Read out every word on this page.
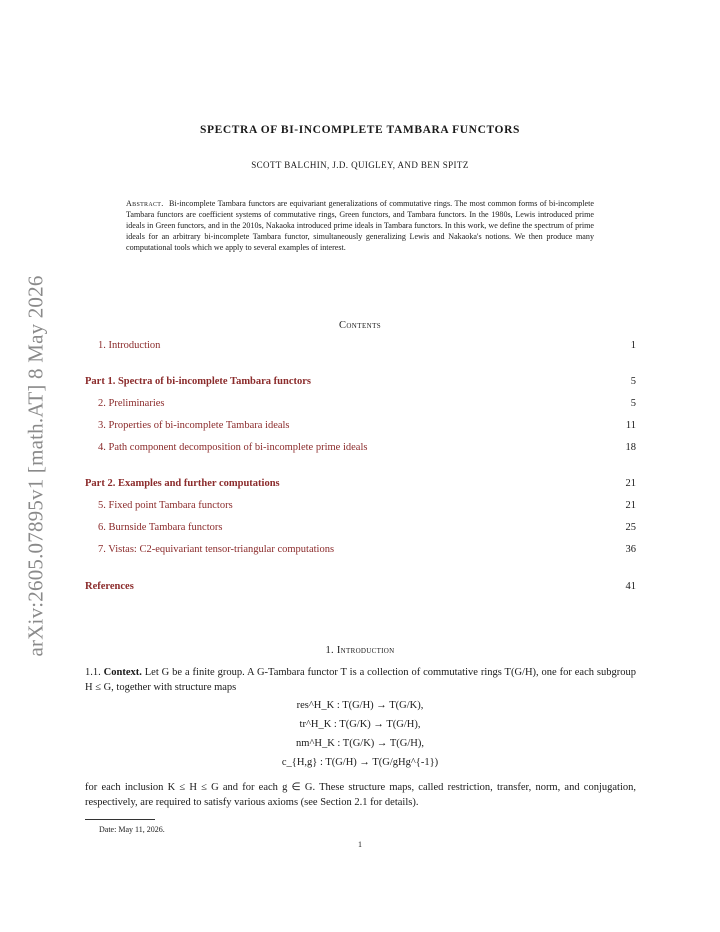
arXiv:2605.07895v1 [math.AT] 8 May 2026
SPECTRA OF BI-INCOMPLETE TAMBARA FUNCTORS
SCOTT BALCHIN, J.D. QUIGLEY, AND BEN SPITZ
Abstract. Bi-incomplete Tambara functors are equivariant generalizations of commutative rings. The most common forms of bi-incomplete Tambara functors are coefficient systems of commutative rings, Green functors, and Tambara functors. In the 1980s, Lewis introduced prime ideals in Green functors, and in the 2010s, Nakaoka introduced prime ideals in Tambara functors. In this work, we define the spectrum of prime ideals for an arbitrary bi-incomplete Tambara functor, simultaneously generalizing Lewis and Nakaoka's notions. We then produce many computational tools which we apply to several examples of interest.
Contents
1. Introduction	1
Part 1. Spectra of bi-incomplete Tambara functors	5
2. Preliminaries	5
3. Properties of bi-incomplete Tambara ideals	11
4. Path component decomposition of bi-incomplete prime ideals	18
Part 2. Examples and further computations	21
5. Fixed point Tambara functors	21
6. Burnside Tambara functors	25
7. Vistas: C2-equivariant tensor-triangular computations	36
References	41
1. Introduction
1.1. Context. Let G be a finite group. A G-Tambara functor T is a collection of commutative rings T(G/H), one for each subgroup H ≤ G, together with structure maps
res^H_K : T(G/H) → T(G/K),
tr^H_K : T(G/K) → T(G/H),
nm^H_K : T(G/K) → T(G/H),
c_{H,g} : T(G/H) → T(G/gHg^{-1})
for each inclusion K ≤ H ≤ G and for each g ∈ G. These structure maps, called restriction, transfer, norm, and conjugation, respectively, are required to satisfy various axioms (see Section 2.1 for details).
Date: May 11, 2026.
1
